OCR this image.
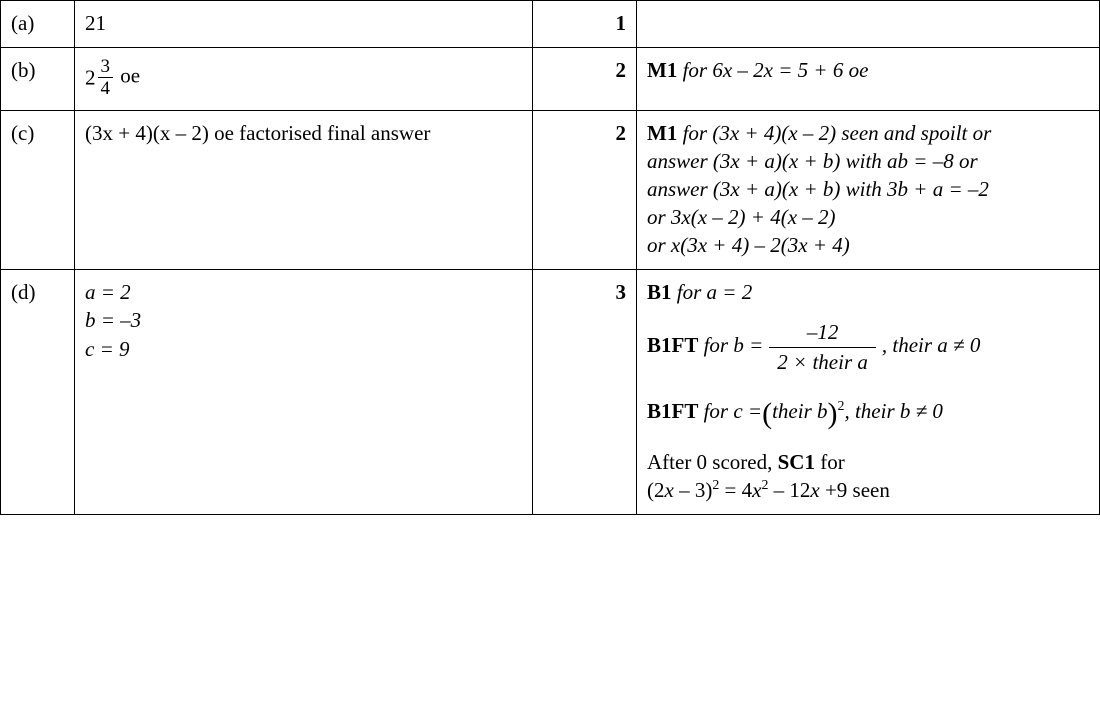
(a)	21	1	
(b)	$2 \frac{3}{4}$ oe	2	M1 for 6x – 2x = 5 + 6 oe
(c)	(3x + 4)(x – 2) oe factorised final answer	2	M1 for (3x + 4)(x – 2) seen and spoilt or
answer (3x + a)(x + b) with ab = –8 or
answer (3x + a)(x + b) with 3b + a = –2
or 3x(x – 2) + 4(x – 2)
or x(3x + 4) – 2(3x + 4)

(d)	a = 2
b = –3
c = 9
	3	B1 for a = 2
B1FT for $b = \frac{-12}{\text{2 × their a}}$ , their a ≠ 0
B1FT for c =(their b)$^2$, their b ≠ 0
After 0 scored, SC1 for
$(2x - 3)^2 = 4x^2 - 12x +9$ seen
